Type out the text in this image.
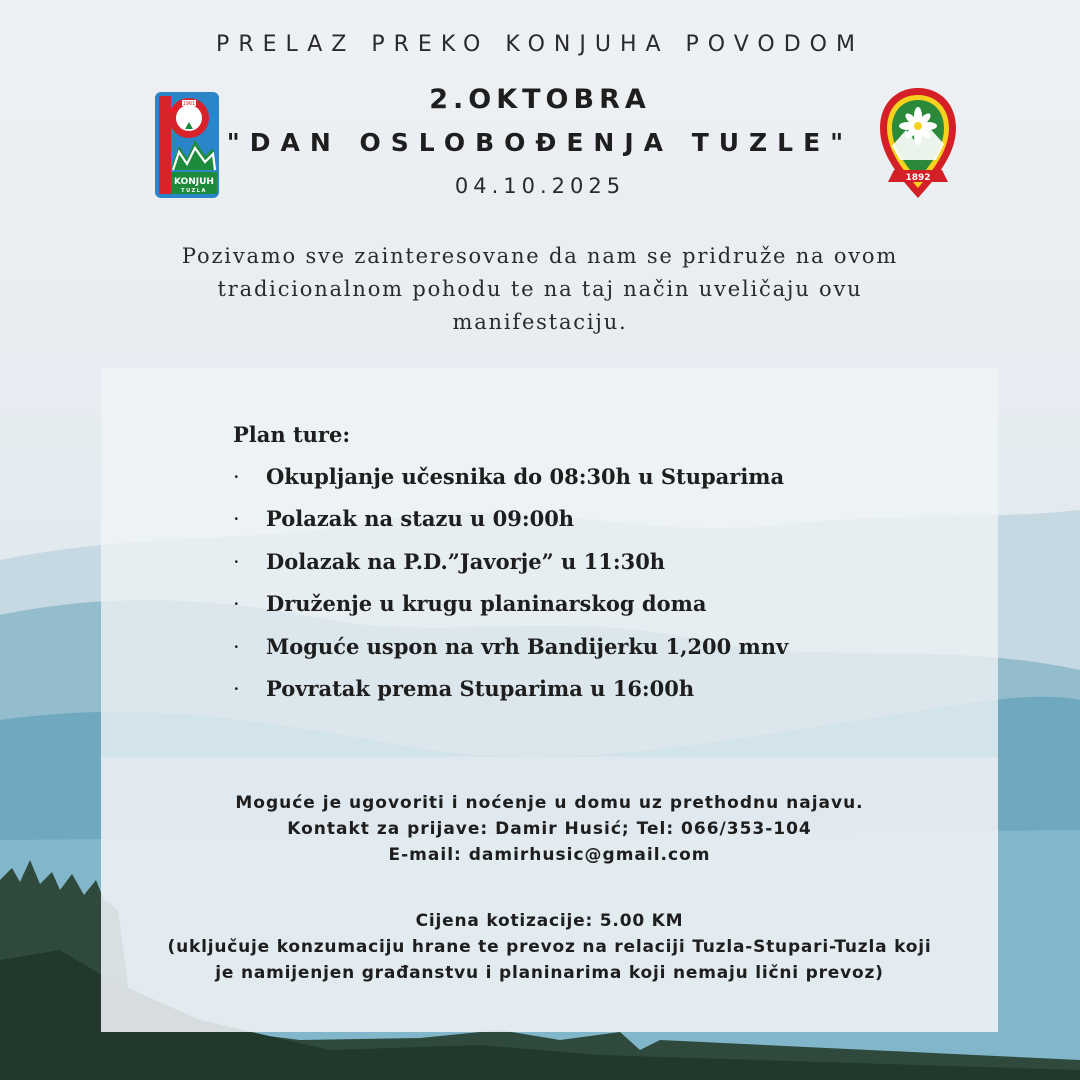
PRELAZ PREKO KONJUHA POVODOM
2.OKTOBRA
"DAN OSLOBOĐENJA TUZLE"
04.10.2025
1961
KONJUH
TUZLA
1892
Pozivamo sve zainteresovane da nam se pridruže na ovom tradicionalnom pohodu te na taj način uveličaju ovu manifestaciju.
Plan ture:
· Okupljanje učesnika do 08:30h u Stuparima
· Polazak na stazu u 09:00h
· Dolazak na P.D.”Javorje” u 11:30h
· Druženje u krugu planinarskog doma
· Moguće uspon na vrh Bandijerku 1,200 mnv
· Povratak prema Stuparima u 16:00h
Moguće je ugovoriti i noćenje u domu uz prethodnu najavu.
Kontakt za prijave: Damir Husić; Tel: 066/353-104
E-mail: damirhusic@gmail.com
Cijena kotizacije: 5.00 KM
(uključuje konzumaciju hrane te prevoz na relaciji Tuzla-Stupari-Tuzla koji
je namijenjen građanstvu i planinarima koji nemaju lični prevoz)
